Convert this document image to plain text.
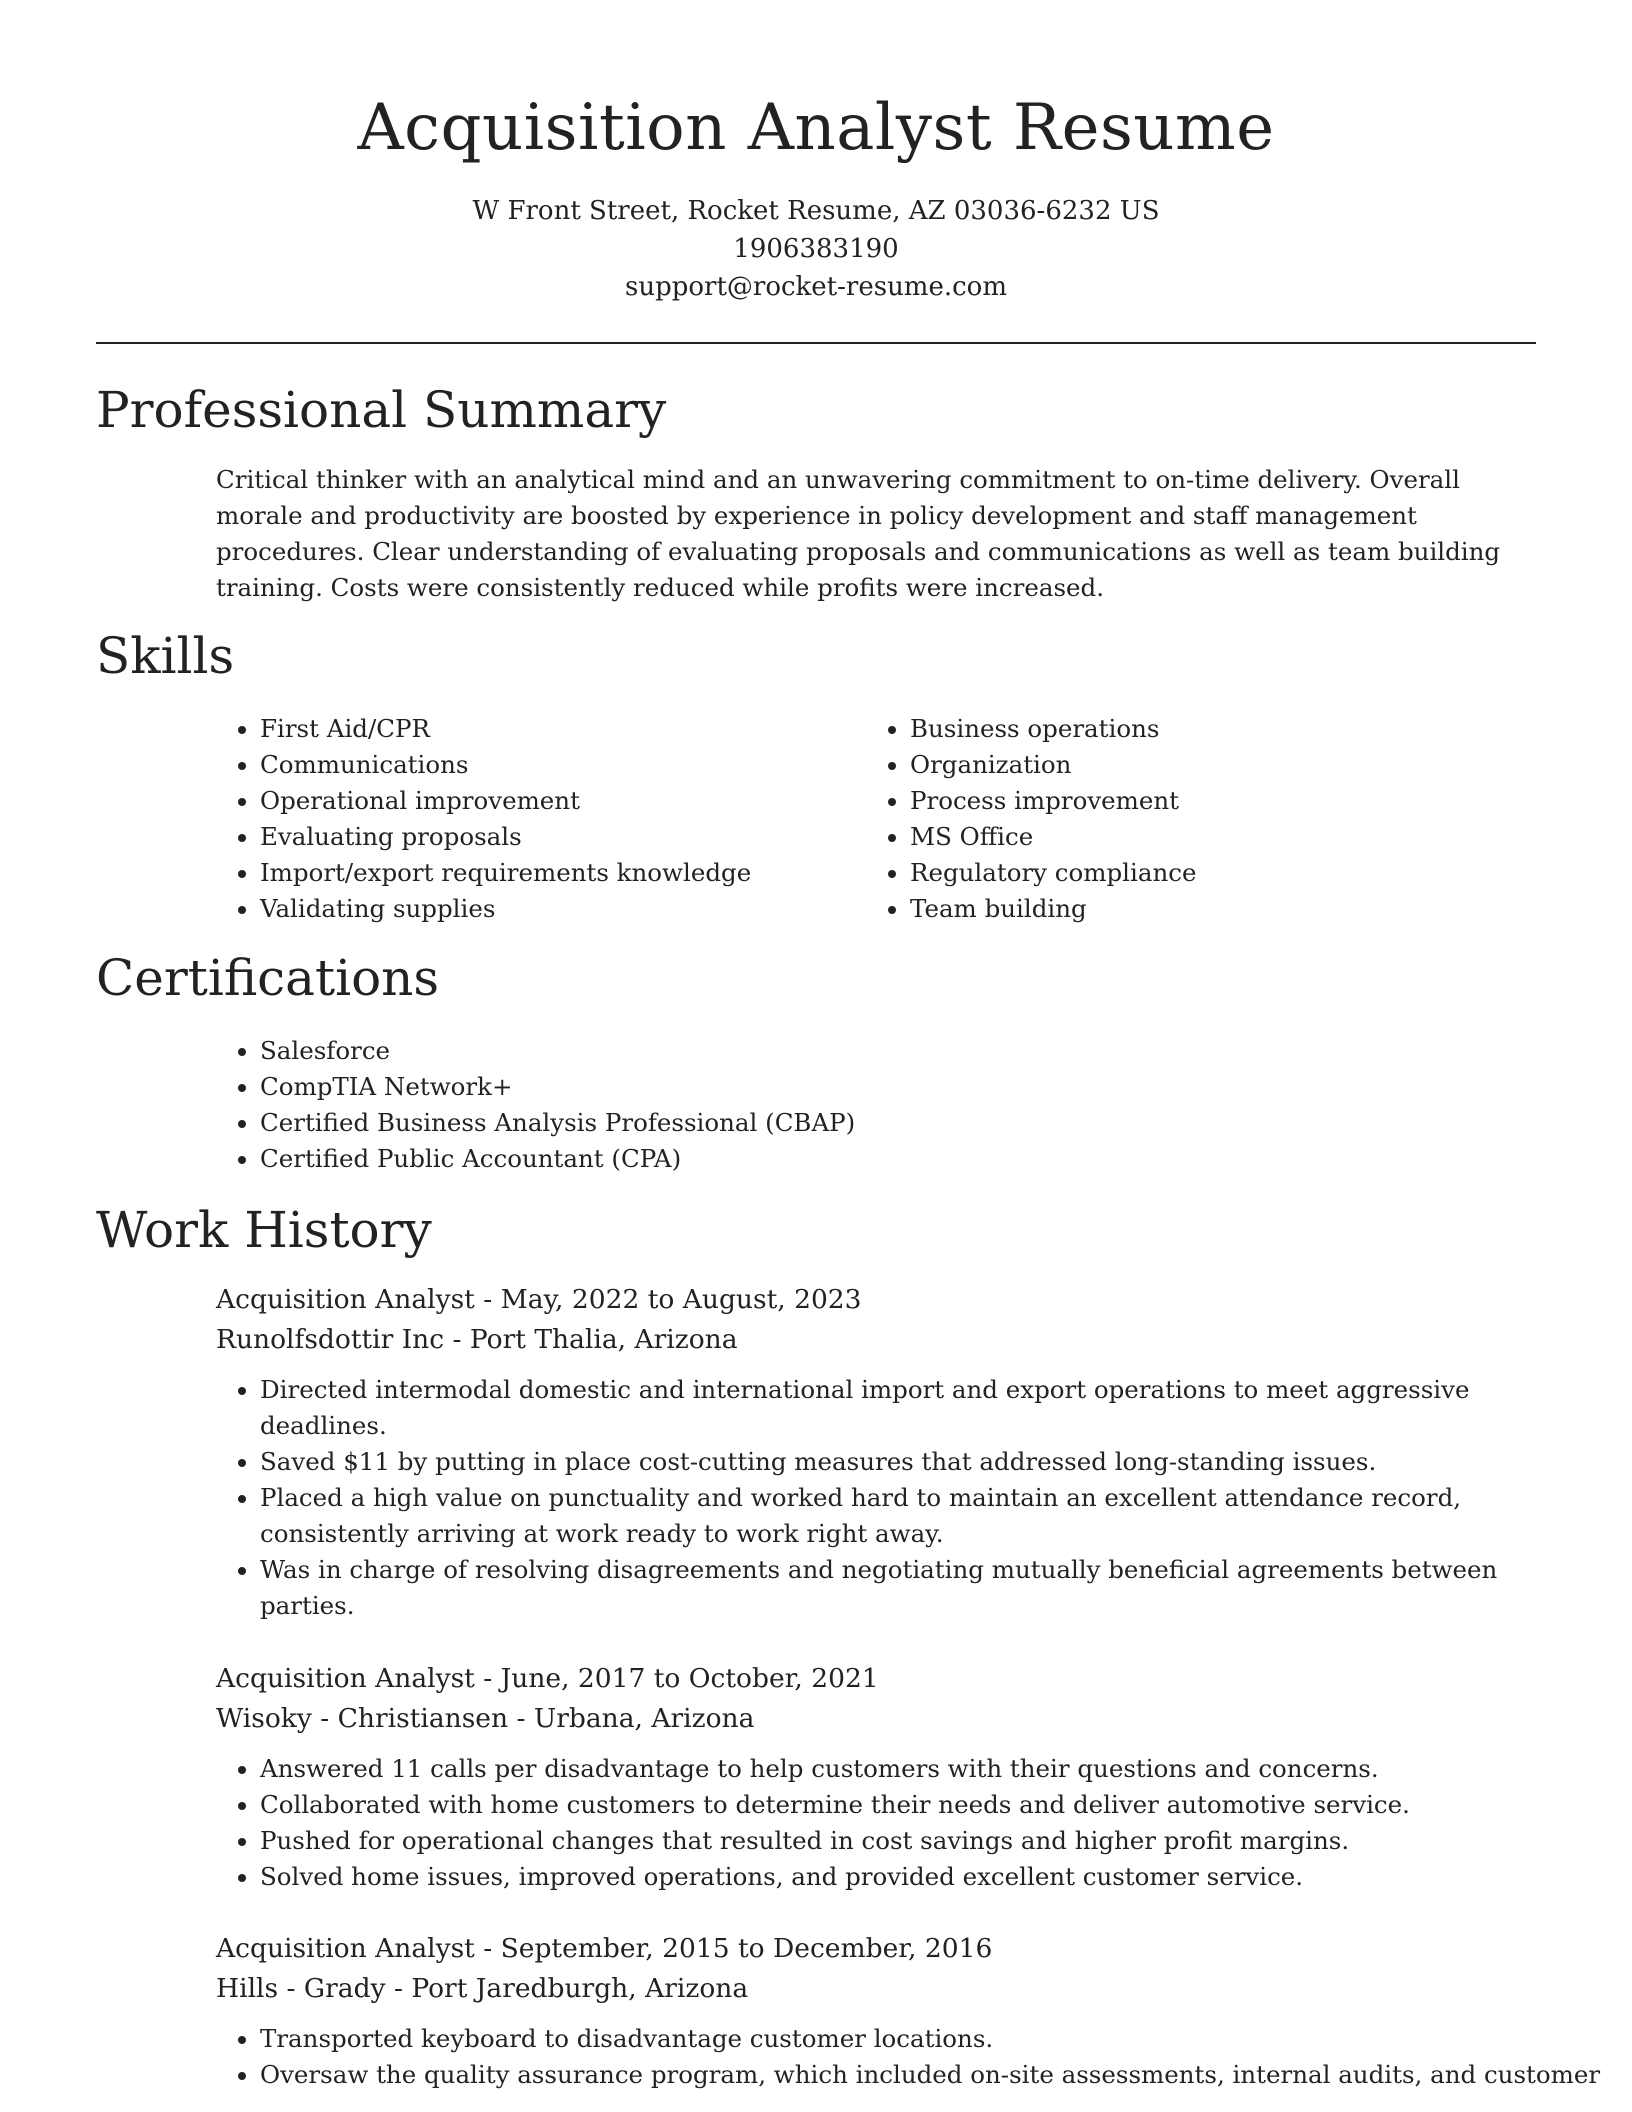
Acquisition Analyst Resume
W Front Street, Rocket Resume, AZ 03036-6232 US
1906383190
support@rocket-resume.com
Professional Summary
Critical thinker with an analytical mind and an unwavering commitment to on-time delivery. Overall morale and productivity are boosted by experience in policy development and staff management procedures. Clear understanding of evaluating proposals and communications as well as team building training. Costs were consistently reduced while profits were increased.
Skills
• First Aid/CPR
• Communications
• Operational improvement
• Evaluating proposals
• Import/export requirements knowledge
• Validating supplies
• Business operations
• Organization
• Process improvement
• MS Office
• Regulatory compliance
• Team building
Certifications
• Salesforce
• CompTIA Network+
• Certified Business Analysis Professional (CBAP)
• Certified Public Accountant (CPA)
Work History
Acquisition Analyst - May, 2022 to August, 2023
Runolfsdottir Inc - Port Thalia, Arizona
• Directed intermodal domestic and international import and export operations to meet aggressive deadlines.
• Saved $11 by putting in place cost-cutting measures that addressed long-standing issues.
• Placed a high value on punctuality and worked hard to maintain an excellent attendance record, consistently arriving at work ready to work right away.
• Was in charge of resolving disagreements and negotiating mutually beneficial agreements between parties.
Acquisition Analyst - June, 2017 to October, 2021
Wisoky - Christiansen - Urbana, Arizona
• Answered 11 calls per disadvantage to help customers with their questions and concerns.
• Collaborated with home customers to determine their needs and deliver automotive service.
• Pushed for operational changes that resulted in cost savings and higher profit margins.
• Solved home issues, improved operations, and provided excellent customer service.
Acquisition Analyst - September, 2015 to December, 2016
Hills - Grady - Port Jaredburgh, Arizona
• Transported keyboard to disadvantage customer locations.
• Oversaw the quality assurance program, which included on-site assessments, internal audits, and customer
